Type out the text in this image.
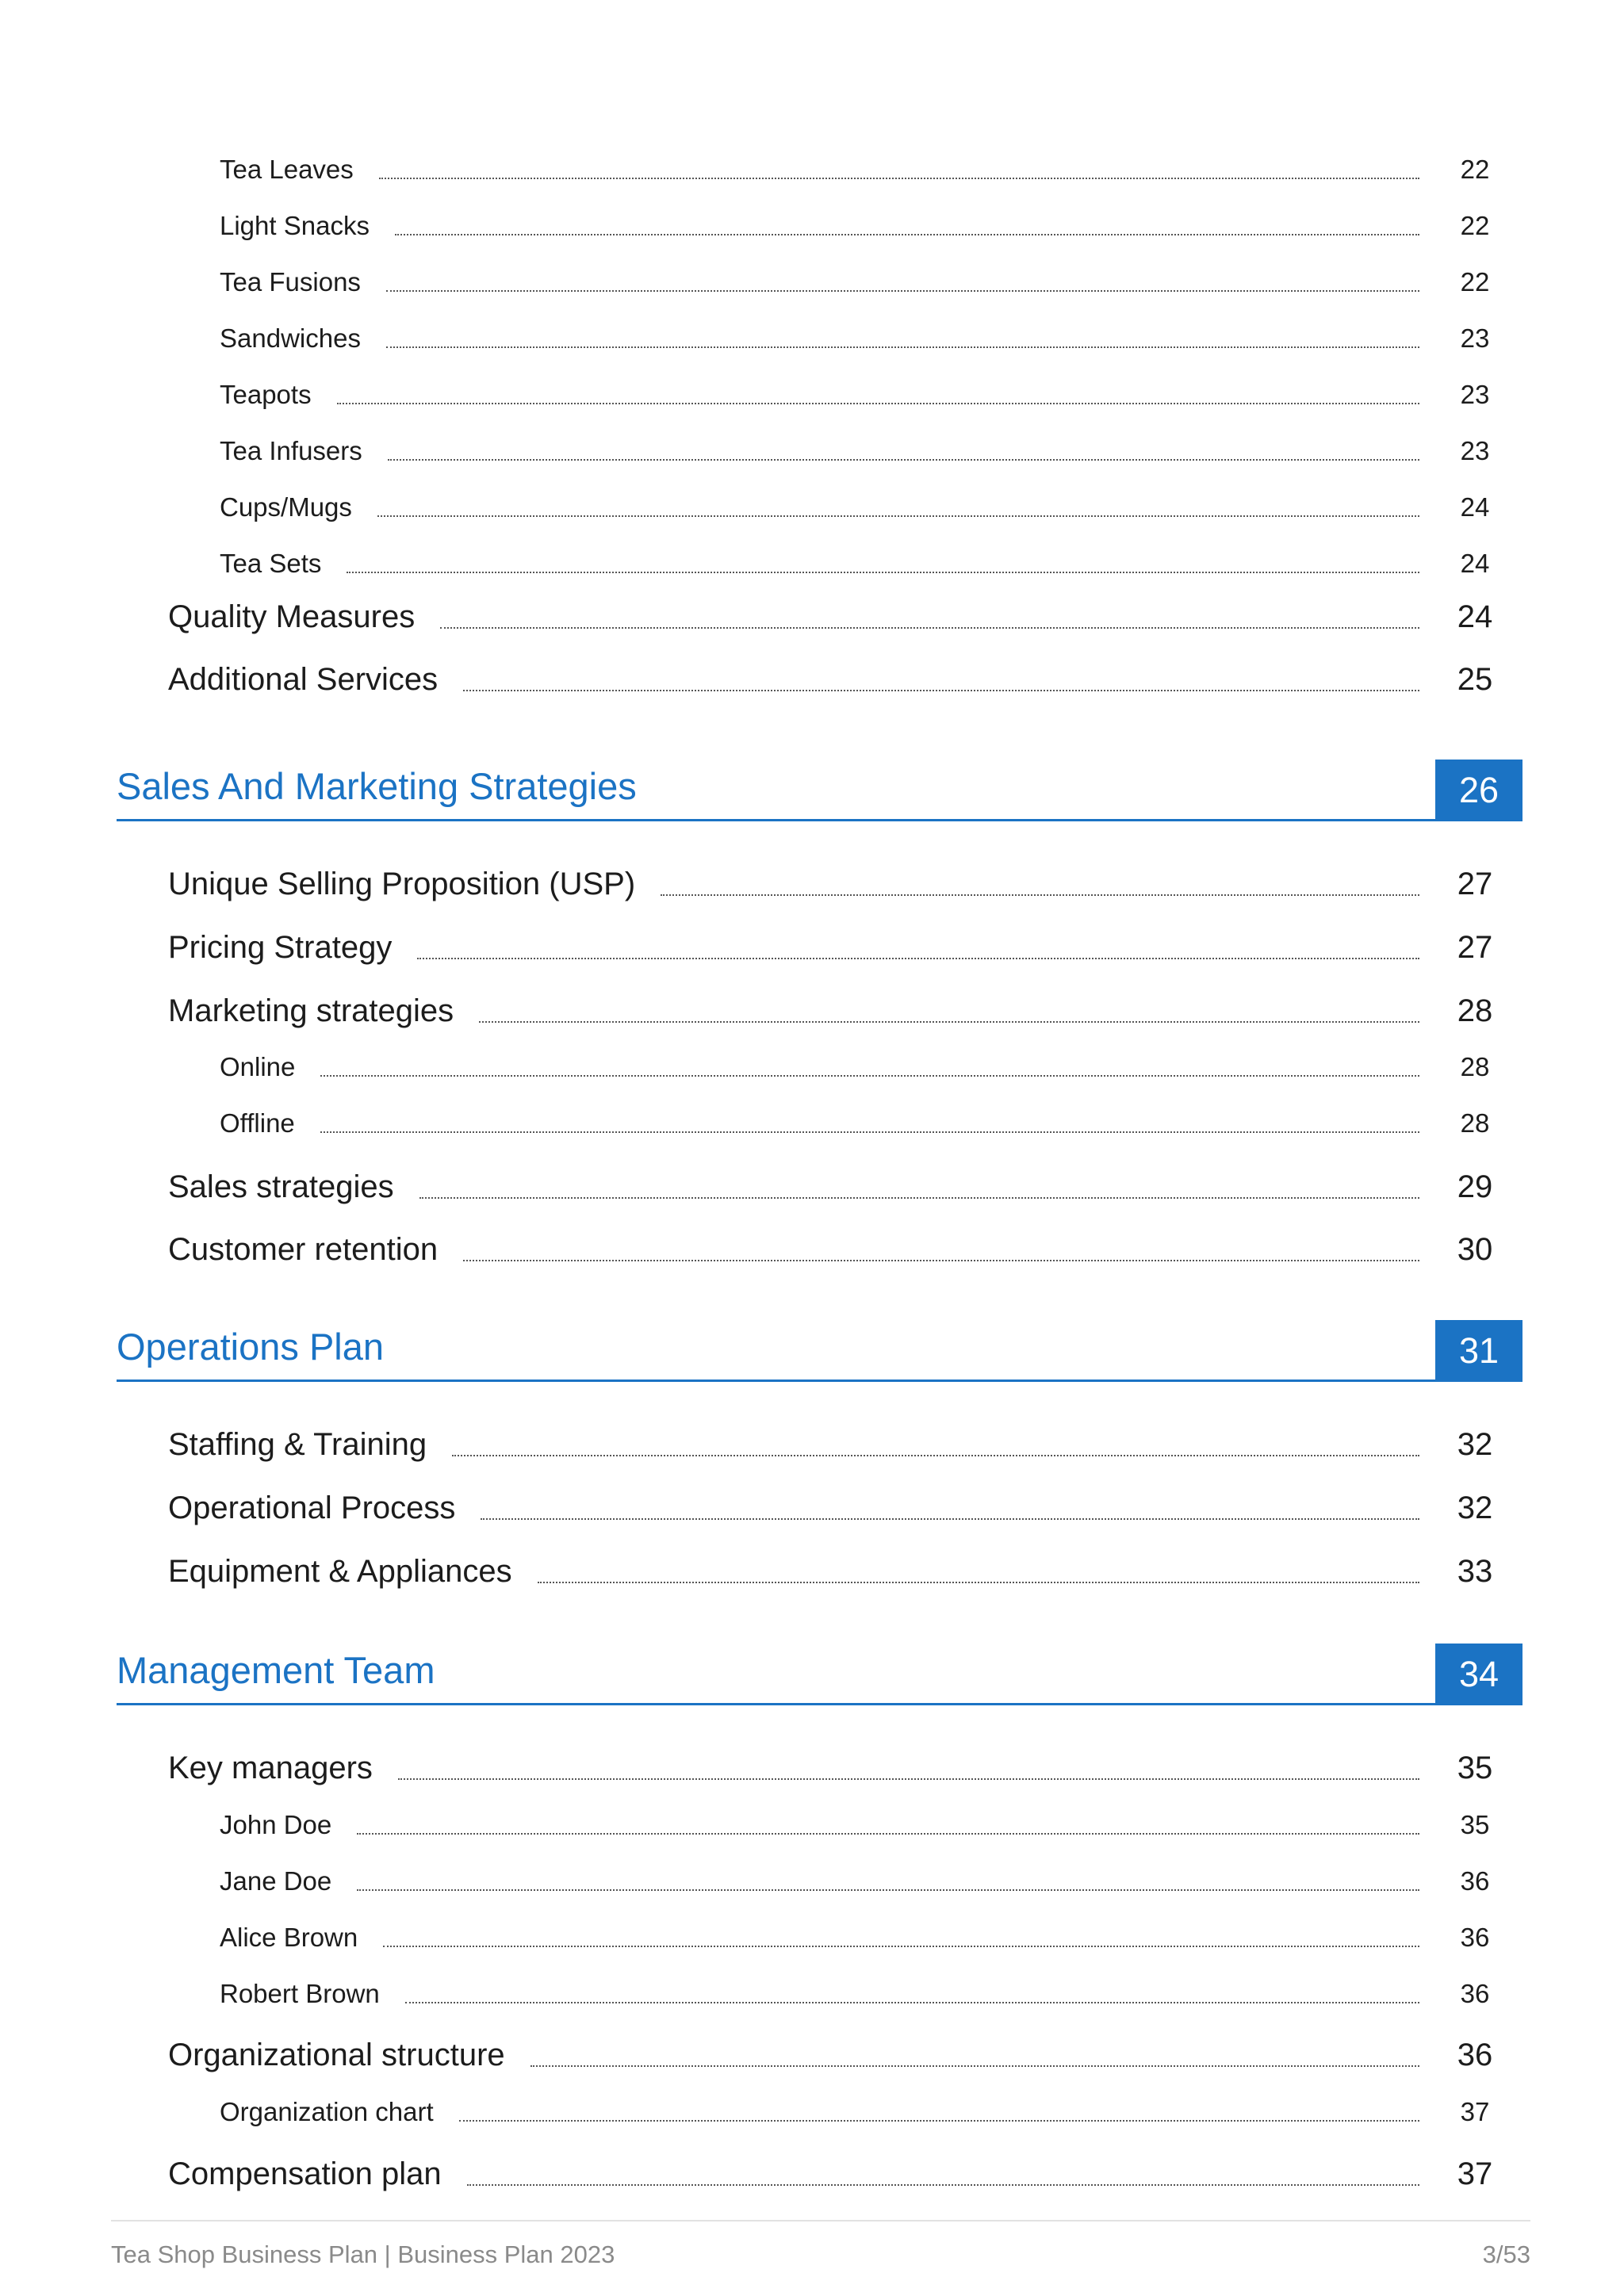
Tea Leaves	22
Light Snacks	22
Tea Fusions	22
Sandwiches	23
Teapots	23
Tea Infusers	23
Cups/Mugs	24
Tea Sets	24
Quality Measures	24
Additional Services	25
Sales And Marketing Strategies	26
Unique Selling Proposition (USP)	27
Pricing Strategy	27
Marketing strategies	28
Online	28
Offline	28
Sales strategies	29
Customer retention	30
Operations Plan	31
Staffing & Training	32
Operational Process	32
Equipment & Appliances	33
Management Team	34
Key managers	35
John Doe	35
Jane Doe	36
Alice Brown	36
Robert Brown	36
Organizational structure	36
Organization chart	37
Compensation plan	37
Tea Shop Business Plan | Business Plan 2023	3/53
